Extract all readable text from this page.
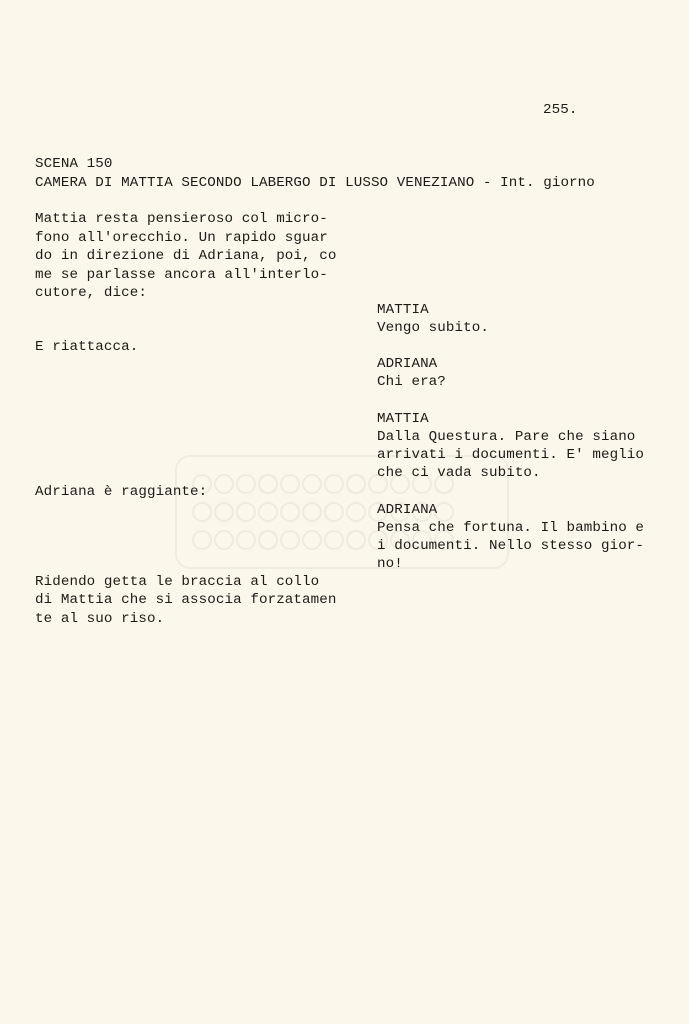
255.
SCENA 150
CAMERA DI MATTIA SECONDO LABERGO DI LUSSO VENEZIANO - Int. giorno
Mattia resta pensieroso col micro-
fono all'orecchio. Un rapido sguar
do in direzione di Adriana, poi, co
me se parlasse ancora all'interlo-
cutore, dice:
E riattacca.
Adriana è raggiante:
Ridendo getta le braccia al collo
di Mattia che si associa forzatamen
te al suo riso.
MATTIA
Vengo subito.
ADRIANA
Chi era?
MATTIA
Dalla Questura. Pare che siano
arrivati i documenti. E' meglio
che ci vada subito.
ADRIANA
Pensa che fortuna. Il bambino e
i documenti. Nello stesso gior-
no!
